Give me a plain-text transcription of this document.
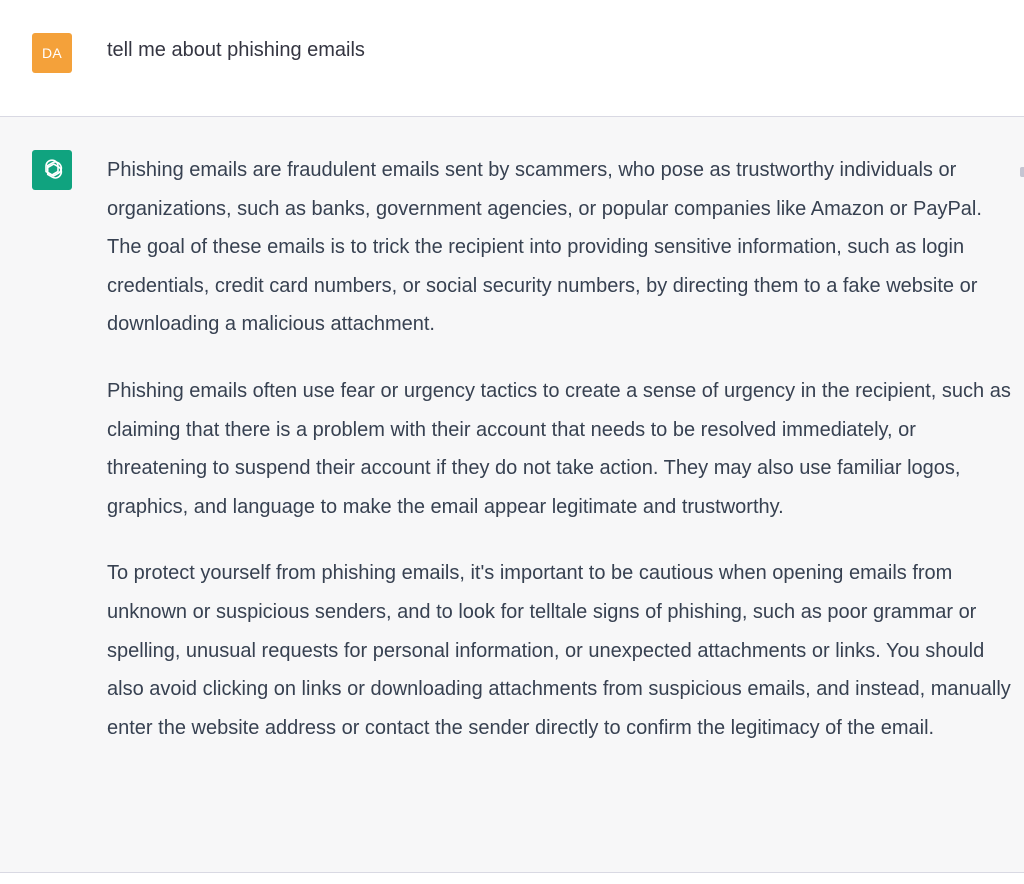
DA	tell me about phishing emails

Phishing emails are fraudulent emails sent by scammers, who pose as trustworthy individuals or organizations, such as banks, government agencies, or popular companies like Amazon or PayPal. The goal of these emails is to trick the recipient into providing sensitive information, such as login credentials, credit card numbers, or social security numbers, by directing them to a fake website or downloading a malicious attachment.

Phishing emails often use fear or urgency tactics to create a sense of urgency in the recipient, such as claiming that there is a problem with their account that needs to be resolved immediately, or threatening to suspend their account if they do not take action. They may also use familiar logos, graphics, and language to make the email appear legitimate and trustworthy.

To protect yourself from phishing emails, it's important to be cautious when opening emails from unknown or suspicious senders, and to look for telltale signs of phishing, such as poor grammar or spelling, unusual requests for personal information, or unexpected attachments or links. You should also avoid clicking on links or downloading attachments from suspicious emails, and instead, manually enter the website address or contact the sender directly to confirm the legitimacy of the email.
